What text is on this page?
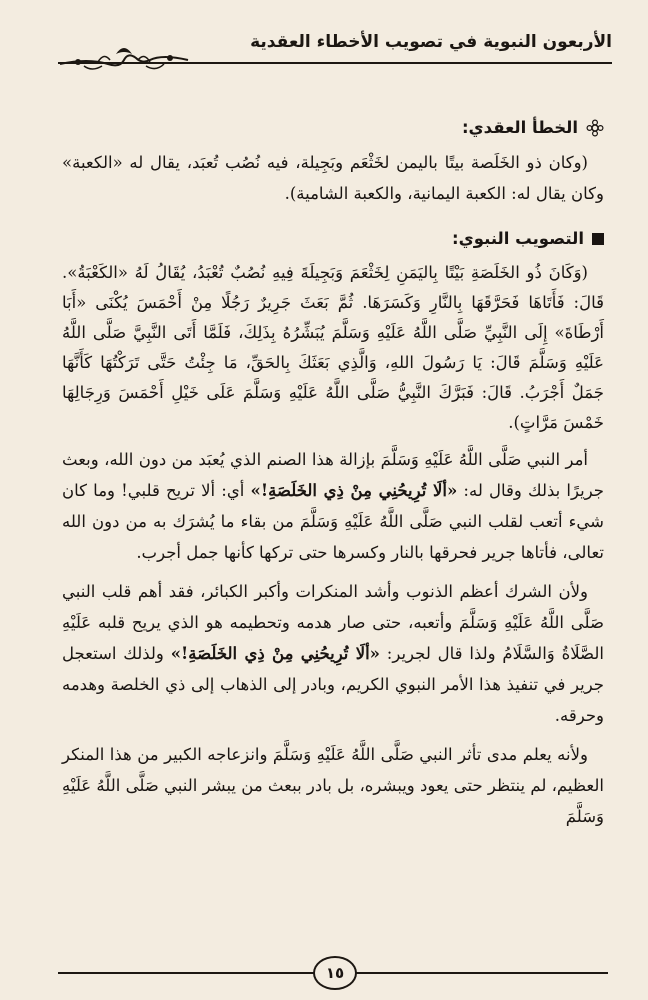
الأربعون النبوية في تصويب الأخطاء العقدية
الخطأ العقدي:

(وكان ذو الخَلَصة بيتًا باليمن لخَثْعَم وبَجِيلة، فيه نُصُب تُعبَد، يقال له «الكعبة» وكان يقال له: الكعبة اليمانية، والكعبة الشامية).

التصويب النبوي:

(وَكَانَ ذُو الخَلَصَةِ بَيْتًا بِاليَمَنِ لِخَثْعَمَ وَبَجِيلَةَ فِيهِ نُصُبٌ تُعْبَدُ، يُقَالُ لَهُ «الكَعْبَةُ». قَالَ: فَأَتَاهَا فَحَرَّقَهَا بِالنَّارِ وَكَسَرَهَا. ثُمَّ بَعَثَ جَرِيرٌ رَجُلًا مِنْ أَحْمَسَ يُكْنَى «أَبَا أَرْطَاةَ» إِلَى النَّبِيِّ صَلَّى اللَّهُ عَلَيْهِ وَسَلَّمَ يُبَشِّرُهُ بِذَلِكَ، فَلَمَّا أَتَى النَّبِيَّ صَلَّى اللَّهُ عَلَيْهِ وَسَلَّمَ قَالَ: يَا رَسُولَ اللهِ، وَالَّذِي بَعَثَكَ بِالحَقِّ، مَا جِئْتُ حَتَّى تَرَكْتُهَا كَأَنَّهَا جَمَلٌ أَجْرَبُ. قَالَ: فَبَرَّكَ النَّبِيُّ صَلَّى اللَّهُ عَلَيْهِ وَسَلَّمَ عَلَى خَيْلِ أَحْمَسَ وَرِجَالِهَا خَمْسَ مَرَّاتٍ).

أمر النبي صَلَّى اللَّهُ عَلَيْهِ وَسَلَّمَ بإزالة هذا الصنم الذي يُعبَد من دون الله، وبعث جريرًا بذلك وقال له: «ألَا تُرِيحُنِي مِنْ ذِي الخَلَصَةِ!» أي: ألا تريح قلبي! وما كان شيء أتعب لقلب النبي صَلَّى اللَّهُ عَلَيْهِ وَسَلَّمَ من بقاء ما يُشرَك به من دون الله تعالى، فأتاها جرير فحرقها بالنار وكسرها حتى تركها كأنها جمل أجرب.

ولأن الشرك أعظم الذنوب وأشد المنكرات وأكبر الكبائر، فقد أهم قلب النبي صَلَّى اللَّهُ عَلَيْهِ وَسَلَّمَ وأتعبه، حتى صار هدمه وتحطيمه هو الذي يريح قلبه عَلَيْهِ الصَّلَاةُ وَالسَّلَامُ ولذا قال لجرير: «ألَا تُرِيحُنِي مِنْ ذِي الخَلَصَةِ!» ولذلك استعجل جرير في تنفيذ هذا الأمر النبوي الكريم، وبادر إلى الذهاب إلى ذي الخلصة وهدمه وحرقه.

ولأنه يعلم مدى تأثر النبي صَلَّى اللَّهُ عَلَيْهِ وَسَلَّمَ وانزعاجه الكبير من هذا المنكر العظيم، لم ينتظر حتى يعود ويبشره، بل بادر ببعث من يبشر النبي صَلَّى اللَّهُ عَلَيْهِ وَسَلَّمَ

١٥
